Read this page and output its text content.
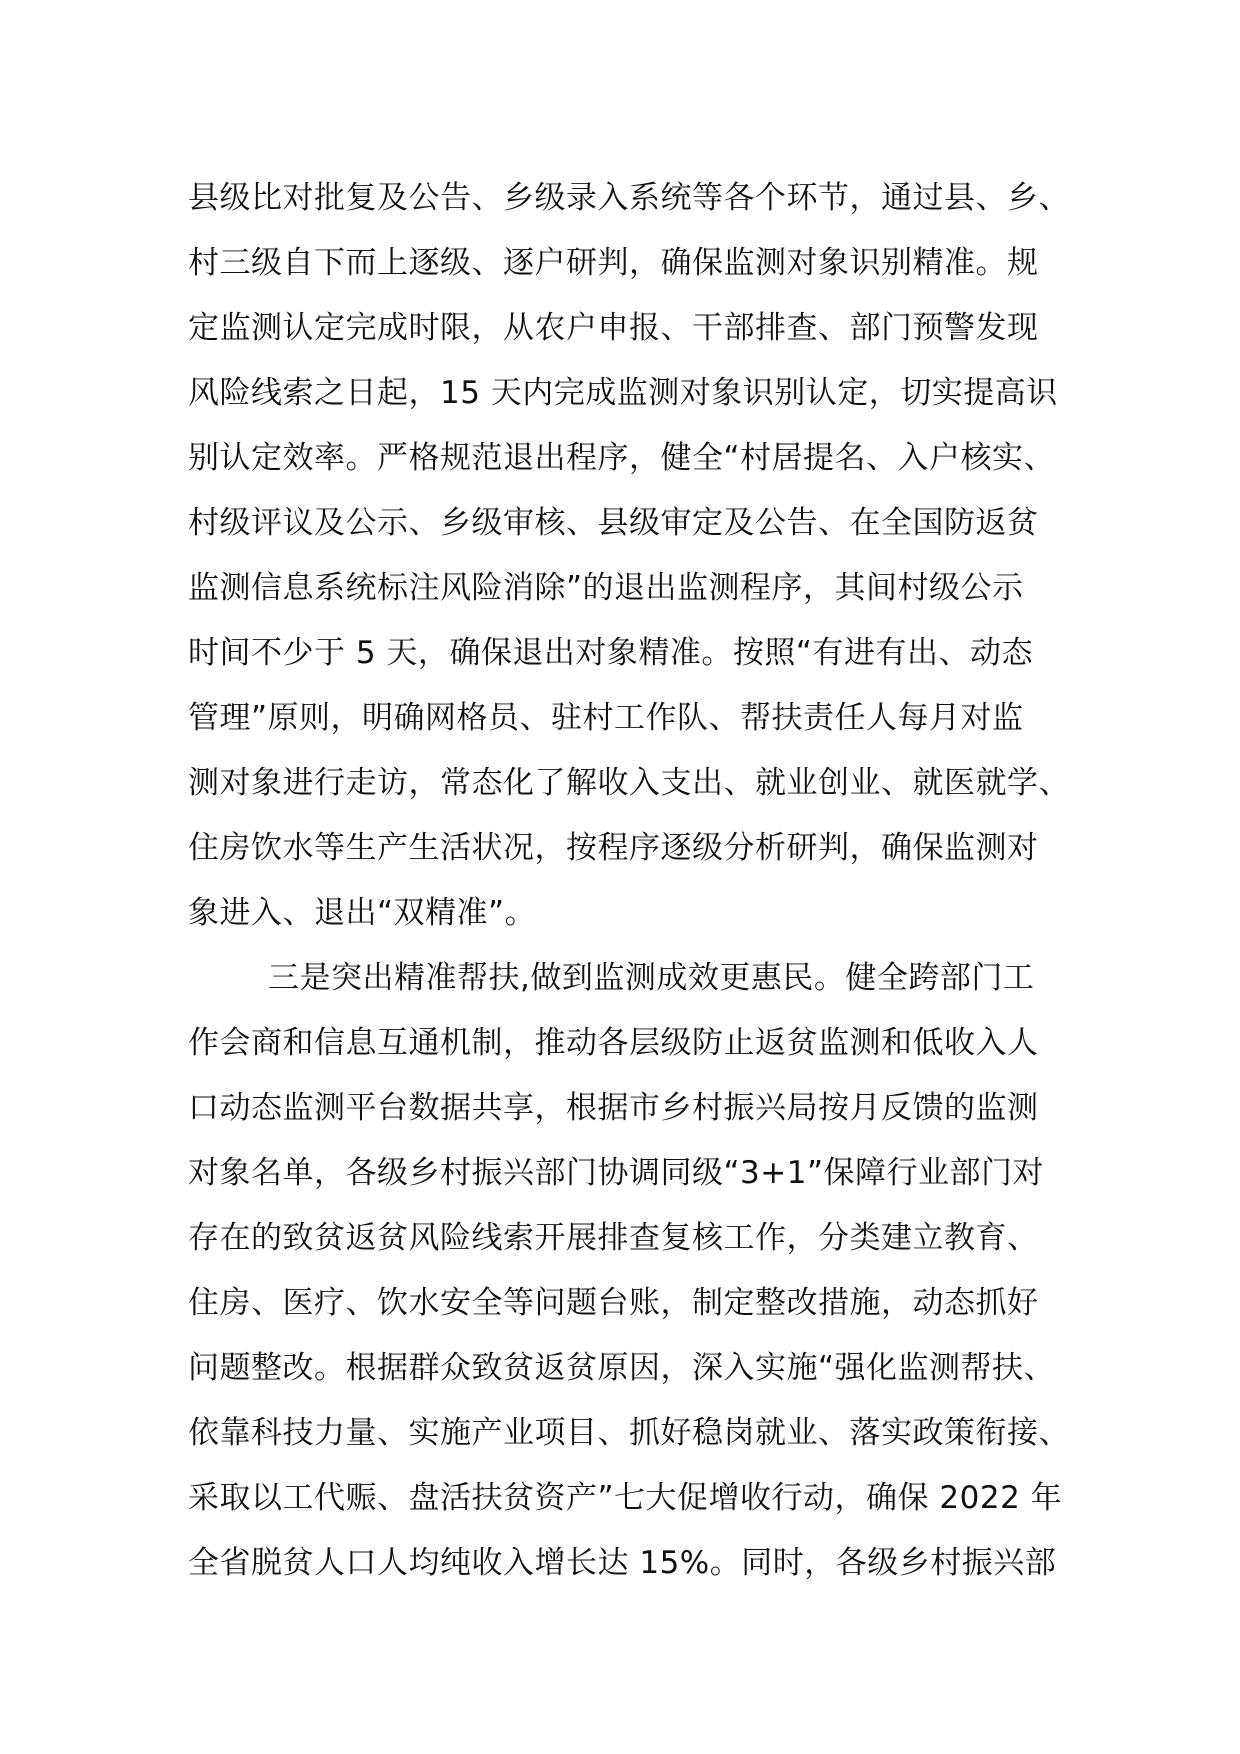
县级比对批复及公告、乡级录入系统等各个环节，通过县、乡、
村三级自下而上逐级、逐户研判，确保监测对象识别精准。规
定监测认定完成时限，从农户申报、干部排查、部门预警发现
风险线索之日起，15 天内完成监测对象识别认定，切实提高识
别认定效率。严格规范退出程序，健全“村居提名、入户核实、
村级评议及公示、乡级审核、县级审定及公告、在全国防返贫
监测信息系统标注风险消除”的退出监测程序，其间村级公示
时间不少于 5 天，确保退出对象精准。按照“有进有出、动态
管理”原则，明确网格员、驻村工作队、帮扶责任人每月对监
测对象进行走访，常态化了解收入支出、就业创业、就医就学、
住房饮水等生产生活状况，按程序逐级分析研判，确保监测对
象进入、退出“双精准”。
三是突出精准帮扶,做到监测成效更惠民。健全跨部门工
作会商和信息互通机制，推动各层级防止返贫监测和低收入人
口动态监测平台数据共享，根据市乡村振兴局按月反馈的监测
对象名单，各级乡村振兴部门协调同级“3+1”保障行业部门对
存在的致贫返贫风险线索开展排查复核工作，分类建立教育、
住房、医疗、饮水安全等问题台账，制定整改措施，动态抓好
问题整改。根据群众致贫返贫原因，深入实施“强化监测帮扶、
依靠科技力量、实施产业项目、抓好稳岗就业、落实政策衔接、
采取以工代赈、盘活扶贫资产”七大促增收行动，确保 2022 年
全省脱贫人口人均纯收入增长达 15%。同时，各级乡村振兴部
